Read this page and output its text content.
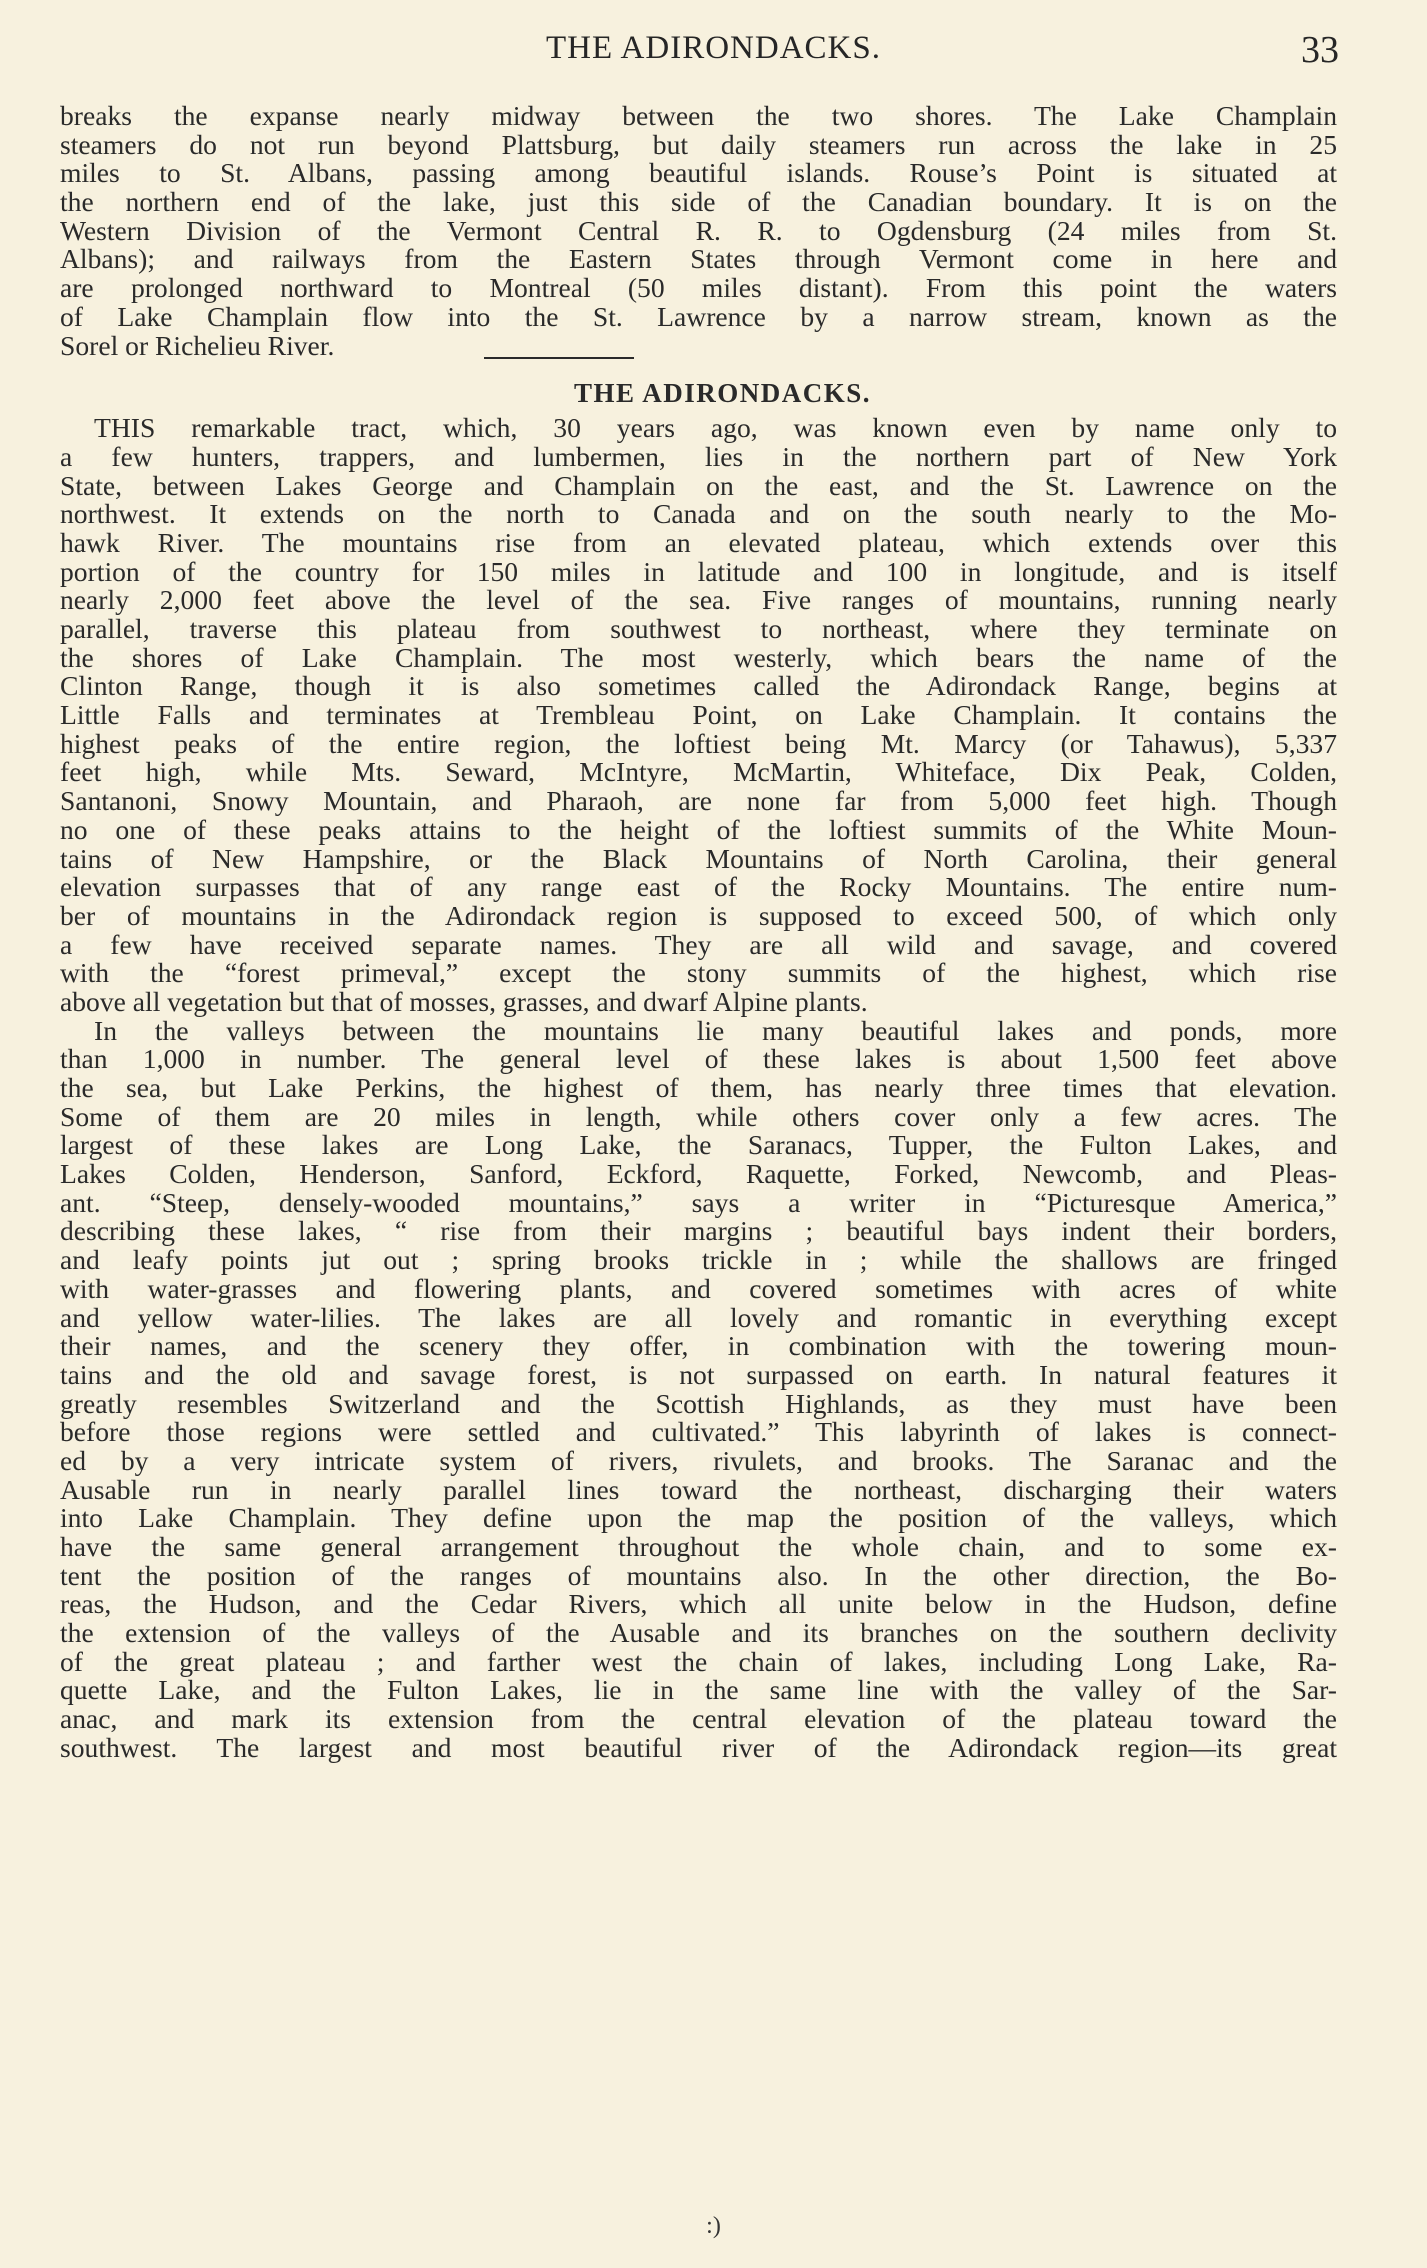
THE ADIRONDACKS.	33
breaks the expanse nearly midway between the two shores. The Lake Champlain
steamers do not run beyond Plattsburg, but daily steamers run across the lake in 25
miles to St. Albans, passing among beautiful islands. Rouse’s Point is situated at
the northern end of the lake, just this side of the Canadian boundary. It is on the
Western Division of the Vermont Central R. R. to Ogdensburg (24 miles from St.
Albans); and railways from the Eastern States through Vermont come in here and
are prolonged northward to Montreal (50 miles distant). From this point the waters
of Lake Champlain flow into the St. Lawrence by a narrow stream, known as the
Sorel or Richelieu River.
THE ADIRONDACKS.
THIS remarkable tract, which, 30 years ago, was known even by name only to
a few hunters, trappers, and lumbermen, lies in the northern part of New York
State, between Lakes George and Champlain on the east, and the St. Lawrence on the
northwest. It extends on the north to Canada and on the south nearly to the Mo-
hawk River. The mountains rise from an elevated plateau, which extends over this
portion of the country for 150 miles in latitude and 100 in longitude, and is itself
nearly 2,000 feet above the level of the sea. Five ranges of mountains, running nearly
parallel, traverse this plateau from southwest to northeast, where they terminate on
the shores of Lake Champlain. The most westerly, which bears the name of the
Clinton Range, though it is also sometimes called the Adirondack Range, begins at
Little Falls and terminates at Trembleau Point, on Lake Champlain. It contains the
highest peaks of the entire region, the loftiest being Mt. Marcy (or Tahawus), 5,337
feet high, while Mts. Seward, McIntyre, McMartin, Whiteface, Dix Peak, Colden,
Santanoni, Snowy Mountain, and Pharaoh, are none far from 5,000 feet high. Though
no one of these peaks attains to the height of the loftiest summits of the White Moun-
tains of New Hampshire, or the Black Mountains of North Carolina, their general
elevation surpasses that of any range east of the Rocky Mountains. The entire num-
ber of mountains in the Adirondack region is supposed to exceed 500, of which only
a few have received separate names. They are all wild and savage, and covered
with the “forest primeval,” except the stony summits of the highest, which rise
above all vegetation but that of mosses, grasses, and dwarf Alpine plants.
In the valleys between the mountains lie many beautiful lakes and ponds, more
than 1,000 in number. The general level of these lakes is about 1,500 feet above
the sea, but Lake Perkins, the highest of them, has nearly three times that elevation.
Some of them are 20 miles in length, while others cover only a few acres. The
largest of these lakes are Long Lake, the Saranacs, Tupper, the Fulton Lakes, and
Lakes Colden, Henderson, Sanford, Eckford, Raquette, Forked, Newcomb, and Pleas-
ant. “Steep, densely-wooded mountains,” says a writer in “Picturesque America,”
describing these lakes, “ rise from their margins ; beautiful bays indent their borders,
and leafy points jut out ; spring brooks trickle in ; while the shallows are fringed
with water-grasses and flowering plants, and covered sometimes with acres of white
and yellow water-lilies. The lakes are all lovely and romantic in everything except
their names, and the scenery they offer, in combination with the towering moun-
tains and the old and savage forest, is not surpassed on earth. In natural features it
greatly resembles Switzerland and the Scottish Highlands, as they must have been
before those regions were settled and cultivated.” This labyrinth of lakes is connect-
ed by a very intricate system of rivers, rivulets, and brooks. The Saranac and the
Ausable run in nearly parallel lines toward the northeast, discharging their waters
into Lake Champlain. They define upon the map the position of the valleys, which
have the same general arrangement throughout the whole chain, and to some ex-
tent the position of the ranges of mountains also. In the other direction, the Bo-
reas, the Hudson, and the Cedar Rivers, which all unite below in the Hudson, define
the extension of the valleys of the Ausable and its branches on the southern declivity
of the great plateau ; and farther west the chain of lakes, including Long Lake, Ra-
quette Lake, and the Fulton Lakes, lie in the same line with the valley of the Sar-
anac, and mark its extension from the central elevation of the plateau toward the
southwest. The largest and most beautiful river of the Adirondack region—its great
:)
